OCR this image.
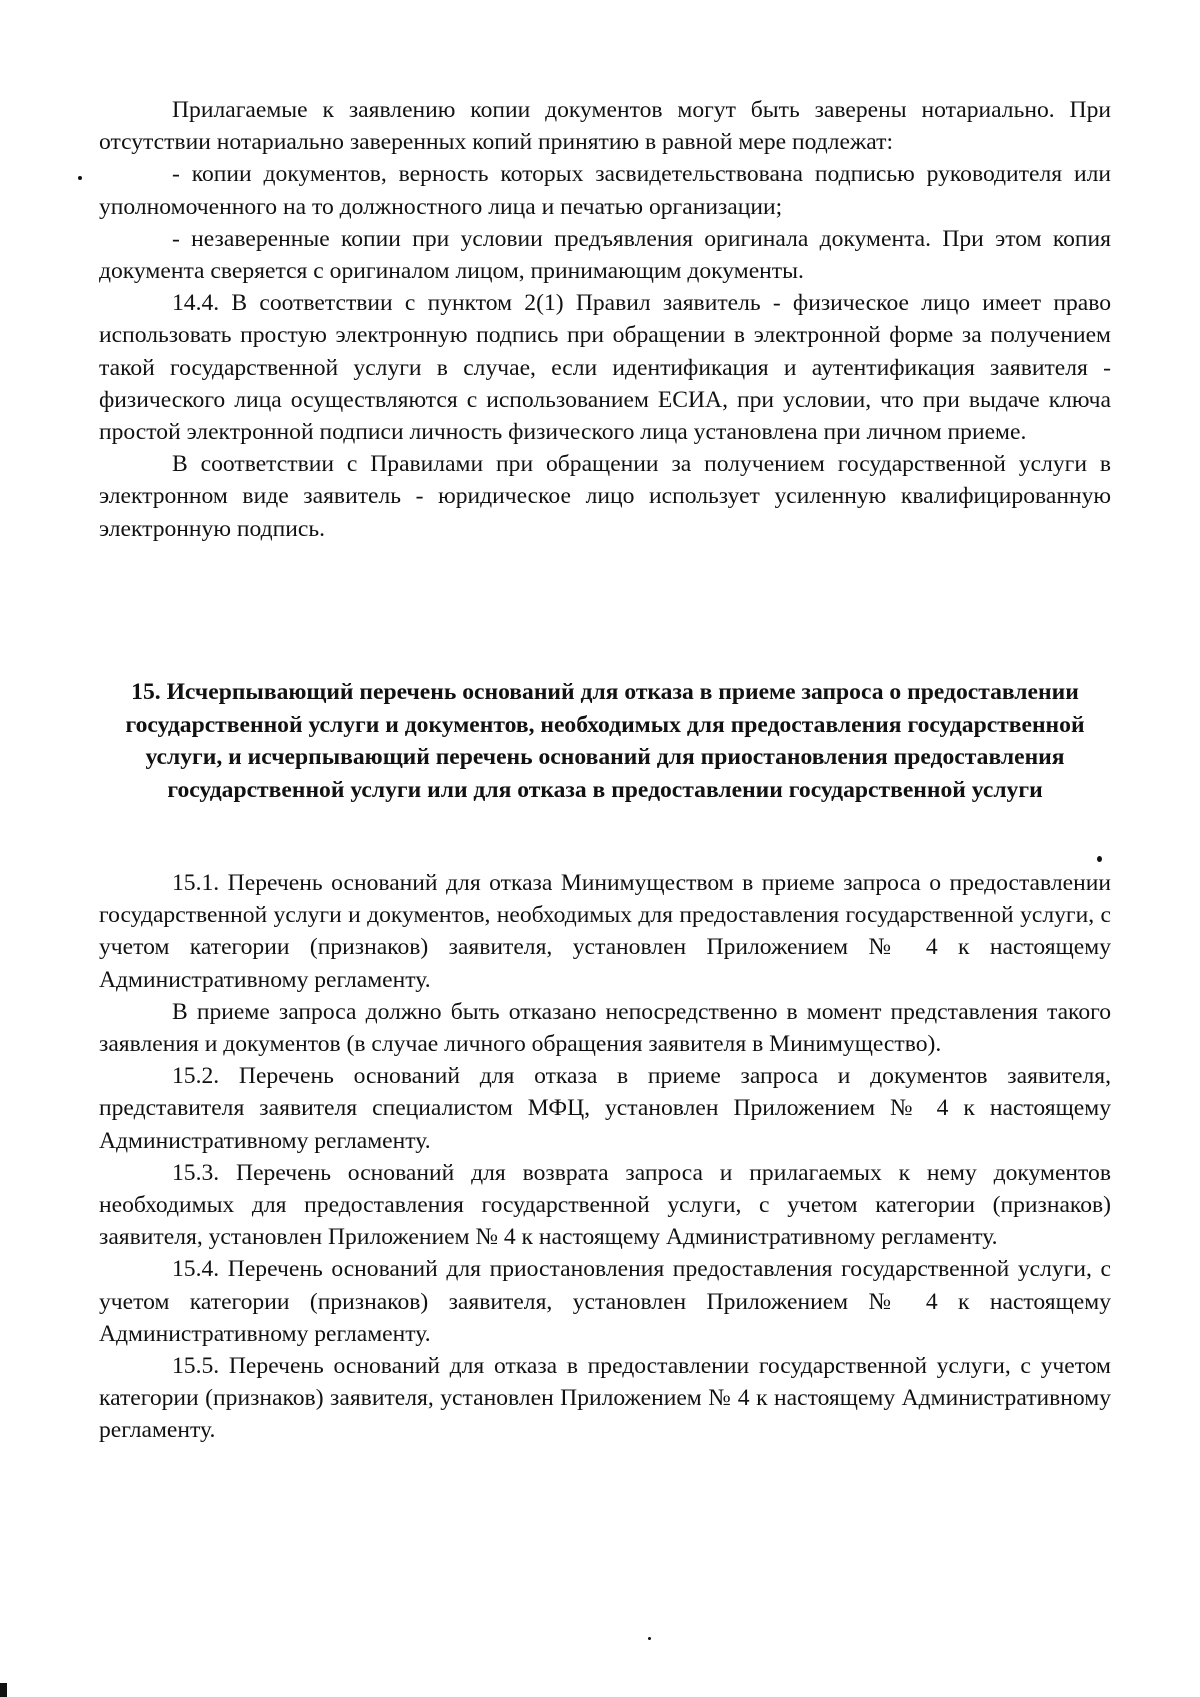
Прилагаемые к заявлению копии документов могут быть заверены нотариально. При отсутствии нотариально заверенных копий принятию в равной мере подлежат:

- копии документов, верность которых засвидетельствована подписью руководителя или уполномоченного на то должностного лица и печатью организации;

- незаверенные копии при условии предъявления оригинала документа. При этом копия документа сверяется с оригиналом лицом, принимающим документы.

14.4. В соответствии с пунктом 2(1) Правил заявитель - физическое лицо имеет право использовать простую электронную подпись при обращении в электронной форме за получением такой государственной услуги в случае, если идентификация и аутентификация заявителя - физического лица осуществляются с использованием ЕСИА, при условии, что при выдаче ключа простой электронной подписи личность физического лица установлена при личном приеме.

В соответствии с Правилами при обращении за получением государственной услуги в электронном виде заявитель - юридическое лицо использует усиленную квалифицированную электронную подпись.

15. Исчерпывающий перечень оснований для отказа в приеме запроса о предоставлении государственной услуги и документов, необходимых для предоставления государственной услуги, и исчерпывающий перечень оснований для приостановления предоставления государственной услуги или для отказа в предоставлении государственной услуги

15.1. Перечень оснований для отказа Минимуществом в приеме запроса о предоставлении государственной услуги и документов, необходимых для предоставления государственной услуги, с учетом категории (признаков) заявителя, установлен Приложением № 4 к настоящему Административному регламенту.

В приеме запроса должно быть отказано непосредственно в момент представления такого заявления и документов (в случае личного обращения заявителя в Минимущество).

15.2. Перечень оснований для отказа в приеме запроса и документов заявителя, представителя заявителя специалистом МФЦ, установлен Приложением № 4 к настоящему Административному регламенту.

15.3. Перечень оснований для возврата запроса и прилагаемых к нему документов необходимых для предоставления государственной услуги, с учетом категории (признаков) заявителя, установлен Приложением № 4 к настоящему Административному регламенту.

15.4. Перечень оснований для приостановления предоставления государственной услуги, с учетом категории (признаков) заявителя, установлен Приложением № 4 к настоящему Административному регламенту.

15.5. Перечень оснований для отказа в предоставлении государственной услуги, с учетом категории (признаков) заявителя, установлен Приложением № 4 к настоящему Административному регламенту.
